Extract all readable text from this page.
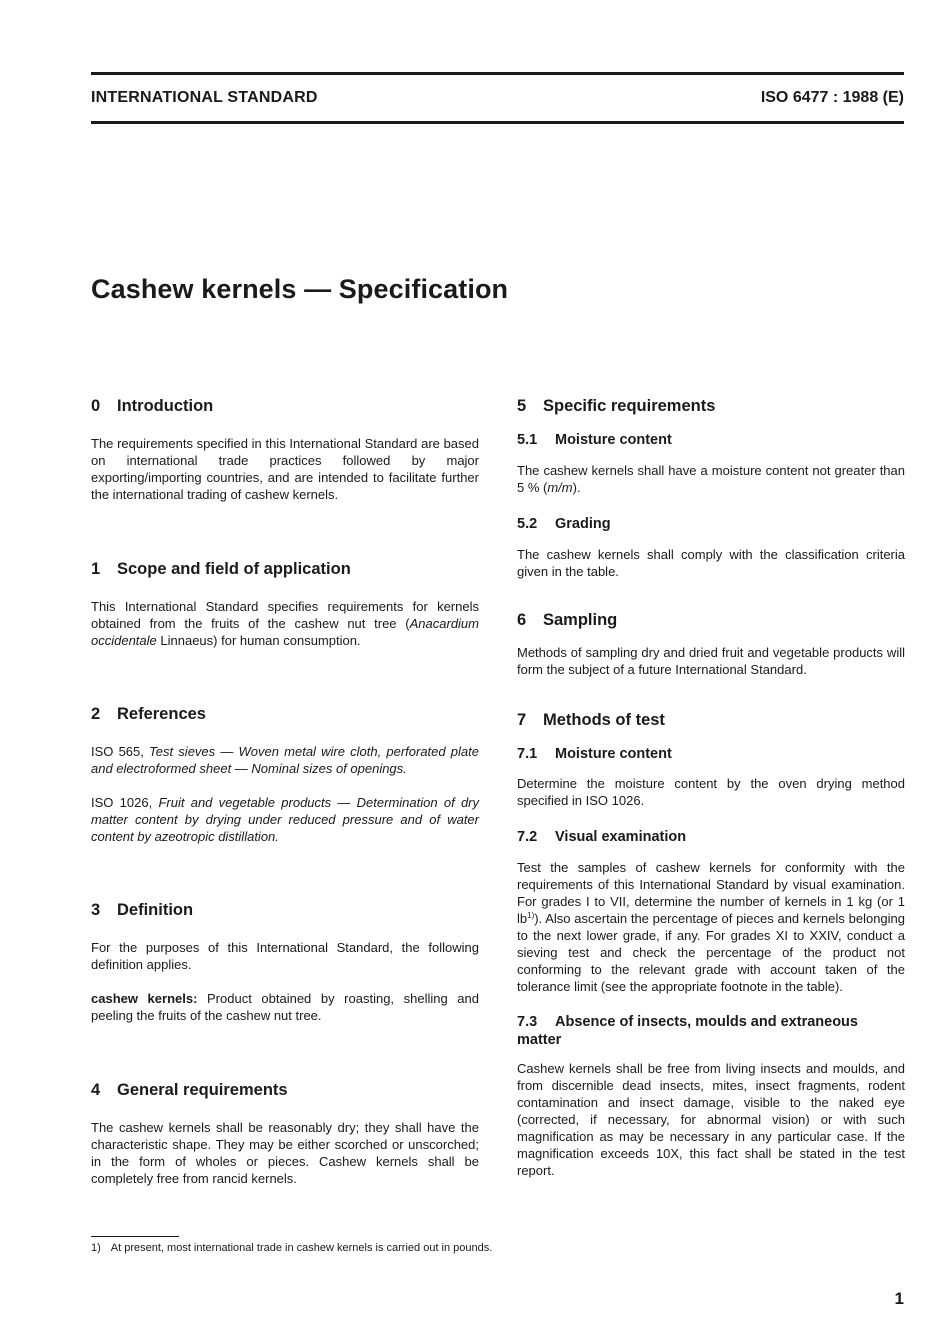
INTERNATIONAL STANDARD	ISO 6477 : 1988 (E)
Cashew kernels — Specification
0 Introduction

The requirements specified in this International Standard are based on international trade practices followed by major exporting/importing countries, and are intended to facilitate further the international trading of cashew kernels.

1 Scope and field of application

This International Standard specifies requirements for kernels obtained from the fruits of the cashew nut tree (Anacardium occidentale Linnaeus) for human consumption.

2 References

ISO 565, Test sieves — Woven metal wire cloth, perforated plate and electroformed sheet — Nominal sizes of openings.

ISO 1026, Fruit and vegetable products — Determination of dry matter content by drying under reduced pressure and of water content by azeotropic distillation.

3 Definition

For the purposes of this International Standard, the following definition applies.

cashew kernels: Product obtained by roasting, shelling and peeling the fruits of the cashew nut tree.

4 General requirements

The cashew kernels shall be reasonably dry; they shall have the characteristic shape. They may be either scorched or unscorched; in the form of wholes or pieces. Cashew kernels shall be completely free from rancid kernels.

5 Specific requirements
5.1 Moisture content

The cashew kernels shall have a moisture content not greater than 5 % (m/m).

5.2 Grading

The cashew kernels shall comply with the classification criteria given in the table.

6 Sampling

Methods of sampling dry and dried fruit and vegetable products will form the subject of a future International Standard.

7 Methods of test
7.1 Moisture content

Determine the moisture content by the oven drying method specified in ISO 1026.

7.2 Visual examination

Test the samples of cashew kernels for conformity with the requirements of this International Standard by visual examination. For grades I to VII, determine the number of kernels in 1 kg (or 1 $lb^{1)}$). Also ascertain the percentage of pieces and kernels belonging to the next lower grade, if any. For grades XI to XXIV, conduct a sieving test and check the percentage of the product not conforming to the relevant grade with account taken of the tolerance limit (see the appropriate footnote in the table).

7.3 Absence of insects, moulds and extraneous matter

Cashew kernels shall be free from living insects and moulds, and from discernible dead insects, mites, insect fragments, rodent contamination and insect damage, visible to the naked eye (corrected, if necessary, for abnormal vision) or with such magnification as may be necessary in any particular case. If the magnification exceeds 10X, this fact shall be stated in the test report.

1) At present, most international trade in cashew kernels is carried out in pounds.
1
